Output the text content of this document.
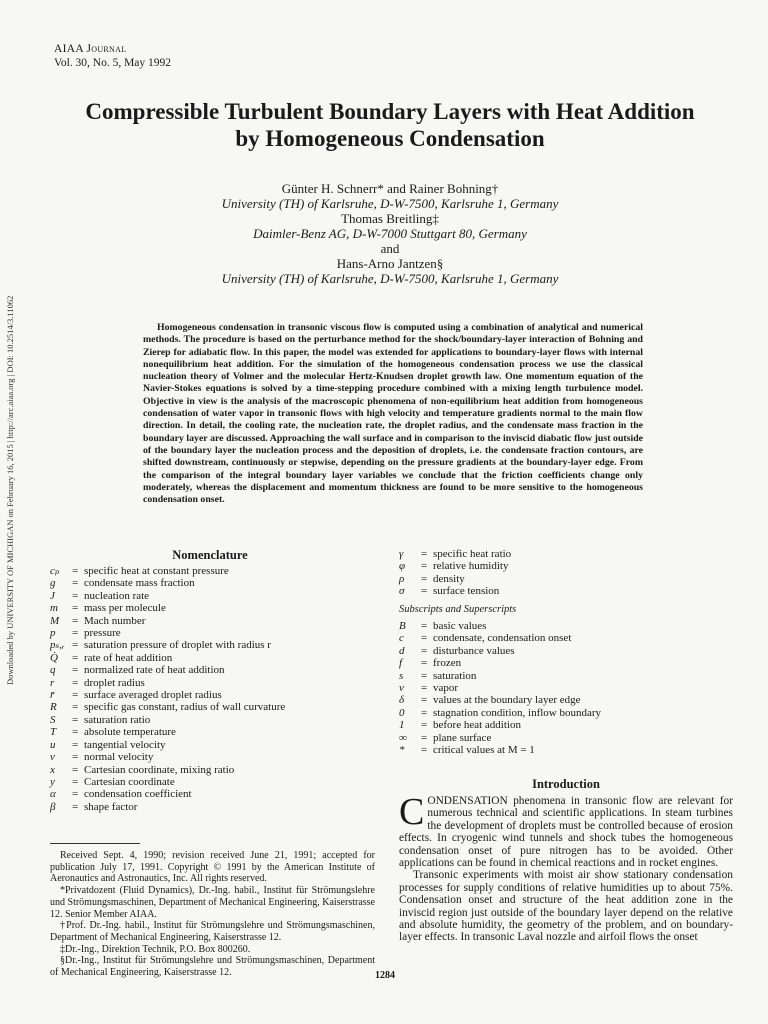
AIAA Journal
Vol. 30, No. 5, May 1992
Compressible Turbulent Boundary Layers with Heat Addition
by Homogeneous Condensation
Günter H. Schnerr* and Rainer Bohning†
University (TH) of Karlsruhe, D-W-7500, Karlsruhe 1, Germany
Thomas Breitling‡
Daimler-Benz AG, D-W-7000 Stuttgart 80, Germany
and
Hans-Arno Jantzen§
University (TH) of Karlsruhe, D-W-7500, Karlsruhe 1, Germany
Downloaded by UNIVERSITY OF MICHIGAN on February 16, 2015 | http://arc.aiaa.org | DOI: 10.2514/3.11062	Homogeneous condensation in transonic viscous flow is computed using a combination of analytical and numerical methods. The procedure is based on the perturbance method for the shock/boundary-layer interaction of Bohning and Zierep for adiabatic flow. In this paper, the model was extended for applications to boundary-layer flows with internal nonequilibrium heat addition. For the simulation of the homogeneous condensation process we use the classical nucleation theory of Volmer and the molecular Hertz-Knudsen droplet growth law. One momentum equation of the Navier-Stokes equations is solved by a time-stepping procedure combined with a mixing length turbulence model. Objective in view is the analysis of the macroscopic phenomena of non-equilibrium heat addition from homogeneous condensation of water vapor in transonic flows with high velocity and temperature gradients normal to the main flow direction. In detail, the cooling rate, the nucleation rate, the droplet radius, and the condensate mass fraction in the boundary layer are discussed. Approaching the wall surface and in comparison to the inviscid diabatic flow just outside of the boundary layer the nucleation process and the deposition of droplets, i.e. the condensate fraction contours, are shifted downstream, continuously or stepwise, depending on the pressure gradients at the boundary-layer edge. From the comparison of the integral boundary layer variables we conclude that the friction coefficients change only moderately, whereas the displacement and momentum thickness are found to be more sensitive to the homogeneous condensation onset.

Nomenclature
cₚ	= specific heat at constant pressure
g	= condensate mass fraction
J	= nucleation rate
m	= mass per molecule
M	= Mach number
p	= pressure
pₛ,ᵣ = saturation pressure of droplet with radius r
Q̇	= rate of heat addition
q	= normalized rate of heat addition
r	= droplet radius
r̄	= surface averaged droplet radius
R	= specific gas constant, radius of wall curvature
S	= saturation ratio
T	= absolute temperature
u	= tangential velocity
v	= normal velocity
x	= Cartesian coordinate, mixing ratio
y	= Cartesian coordinate
α	= condensation coefficient
β	= shape factor
γ	= specific heat ratio
φ	= relative humidity
ρ	= density
σ	= surface tension
Subscripts and Superscripts
B	= basic values
c	= condensate, condensation onset
d	= disturbance values
f	= frozen
s	= saturation
v	= vapor
δ	= values at the boundary layer edge
0	= stagnation condition, inflow boundary
1	= before heat addition
∞	= plane surface
*	= critical values at M = 1

Received Sept. 4, 1990; revision received June 21, 1991; accepted for publication July 17, 1991. Copyright © 1991 by the American Institute of Aeronautics and Astronautics, Inc. All rights reserved.

*Privatdozent (Fluid Dynamics), Dr.-Ing. habil., Institut für Strömungslehre und Strömungsmaschinen, Department of Mechanical Engineering, Kaiserstrasse 12. Senior Member AIAA.

†Prof. Dr.-Ing. habil., Institut für Strömungslehre und Strömungsmaschinen, Department of Mechanical Engineering, Kaiserstrasse 12.

‡Dr.-Ing., Direktion Technik, P.O. Box 800260.

§Dr.-Ing., Institut für Strömungslehre und Strömungsmaschinen, Department of Mechanical Engineering, Kaiserstrasse 12.

Introduction

CONDENSATION phenomena in transonic flow are relevant for numerous technical and scientific applications. In steam turbines the development of droplets must be controlled because of erosion effects. In cryogenic wind tunnels and shock tubes the homogeneous condensation onset of pure nitrogen has to be avoided. Other applications can be found in chemical reactions and in rocket engines.

Transonic experiments with moist air show stationary condensation processes for supply conditions of relative humidities up to about 75%. Condensation onset and structure of the heat addition zone in the inviscid region just outside of the boundary layer depend on the relative and absolute humidity, the geometry of the problem, and on boundary-layer effects. In transonic Laval nozzle and airfoil flows the onset

1284
